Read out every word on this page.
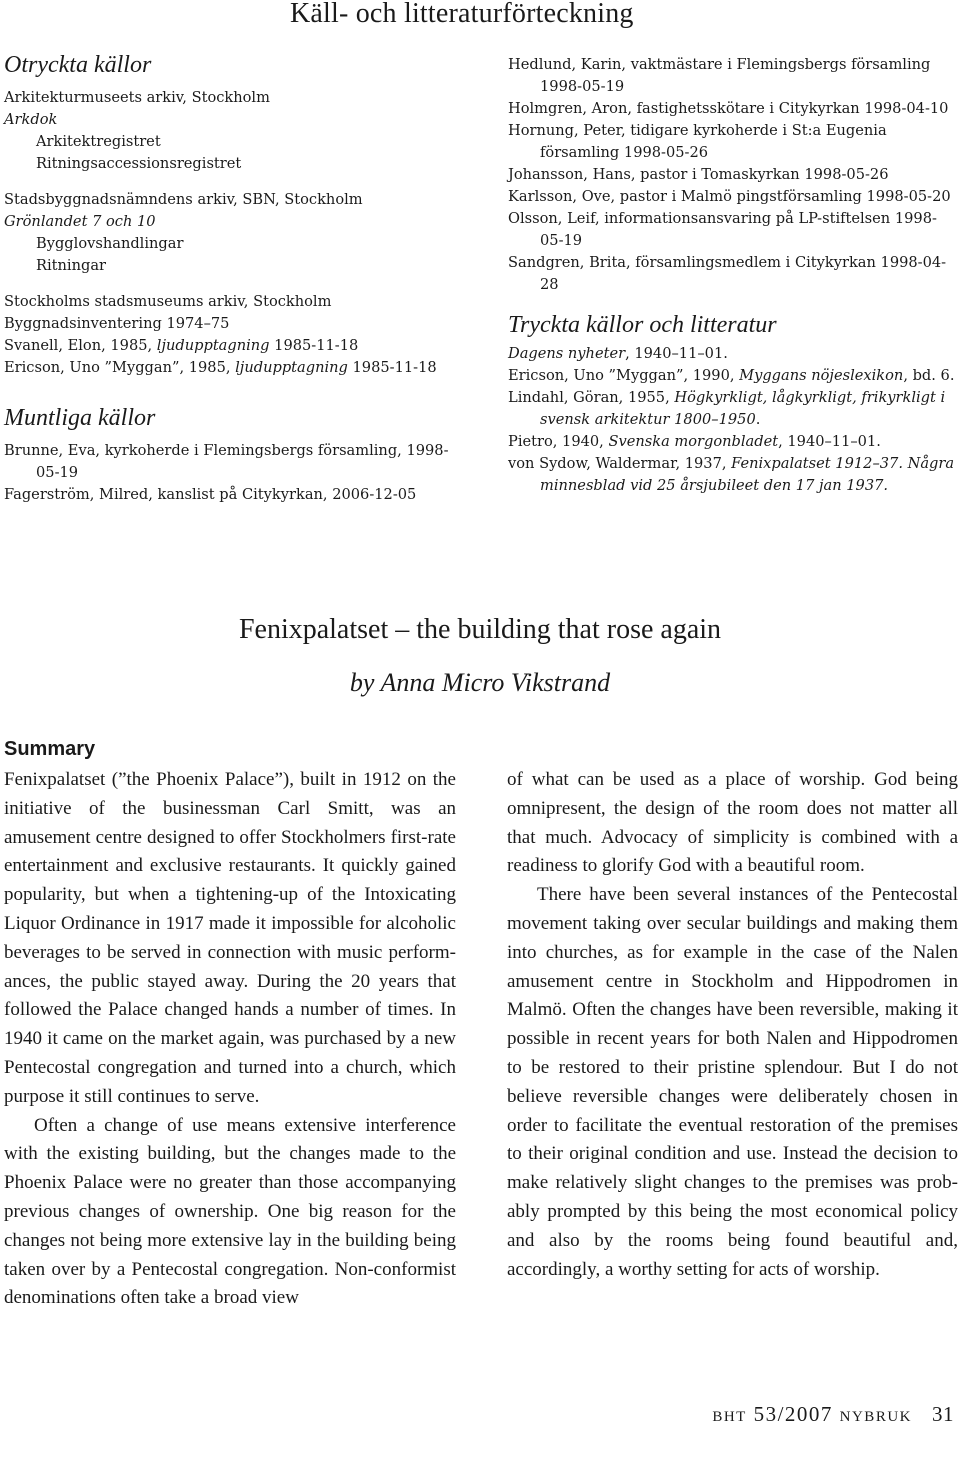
Käll- och litteraturförteckning
Otryckta källor
Arkitekturmuseets arkiv, Stockholm
Arkdok
Arkitektregistret
Ritningsaccessionsregistret
Stadsbyggnadsnämndens arkiv, SBN, Stockholm
Grönlandet 7 och 10
Bygglovshandlingar
Ritningar
Stockholms stadsmuseums arkiv, Stockholm
Byggnadsinventering 1974–75
Svanell, Elon, 1985, ljudupptagning 1985-11-18
Ericson, Uno ”Myggan”, 1985, ljudupptagning 1985-11-18
Muntliga källor
Brunne, Eva, kyrkoherde i Flemingsbergs församling, 1998-05-19
Fagerström, Milred, kanslist på Citykyrkan, 2006-12-05
Hedlund, Karin, vaktmästare i Flemingsbergs församling 1998-05-19
Holmgren, Aron, fastighetsskötare i Citykyrkan 1998-04-10
Hornung, Peter, tidigare kyrkoherde i St:a Eugenia församling 1998-05-26
Johansson, Hans, pastor i Tomaskyrkan 1998-05-26
Karlsson, Ove, pastor i Malmö pingstförsamling 1998-05-20
Olsson, Leif, informationsansvaring på LP-stiftelsen 1998-05-19
Sandgren, Brita, församlingsmedlem i Citykyrkan 1998-04-28
Tryckta källor och litteratur
Dagens nyheter, 1940–11–01.
Ericson, Uno ”Myggan”, 1990, Myggans nöjeslexikon, bd. 6.
Lindahl, Göran, 1955, Högkyrkligt, lågkyrkligt, frikyrkligt i svensk arkitektur 1800–1950.
Pietro, 1940, Svenska morgonbladet, 1940–11–01.
von Sydow, Waldermar, 1937, Fenixpalatset 1912–37. Några minnesblad vid 25 årsjubileet den 17 jan 1937.
Fenixpalatset – the building that rose again
by Anna Micro Vikstrand
Summary

Fenixpalatset (”the Phoenix Palace”), built in 1912 on the initiative of the businessman Carl Smitt, was an amusement centre designed to offer Stockholmers first-rate entertainment and exclusive restaurants. It quickly gained popularity, but when a tightening-up of the Intoxicating Liquor Ordinance in 1917 made it impossible for alcoholic beverages to be served in connection with music performances, the public stayed away. During the 20 years that followed the Palace changed hands a number of times. In 1940 it came on the market again, was purchased by a new Pentecostal congregation and turned into a church, which purpose it still continues to serve.

Often a change of use means extensive interference with the existing building, but the changes made to the Phoenix Palace were no greater than those accompanying previous changes of ownership. One big reason for the changes not being more extensive lay in the building being taken over by a Pentecostal congregation. Non-conformist denominations often take a broad view

of what can be used as a place of worship. God being omnipresent, the design of the room does not matter all that much. Advocacy of simplicity is combined with a readiness to glorify God with a beautiful room.

There have been several instances of the Pentecostal movement taking over secular buildings and making them into churches, as for example in the case of the Nalen amusement centre in Stockholm and Hippodromen in Malmö. Often the changes have been reversible, making it possible in recent years for both Nalen and Hippodromen to be restored to their pristine splendour. But I do not believe reversible changes were deliberately chosen in order to facilitate the eventual restoration of the premises to their original condition and use. Instead the decision to make relatively slight changes to the premises was probably prompted by this being the most economical policy and also by the rooms being found beautiful and, accordingly, a worthy setting for acts of worship.

bht 53/2007 nybruk 31
